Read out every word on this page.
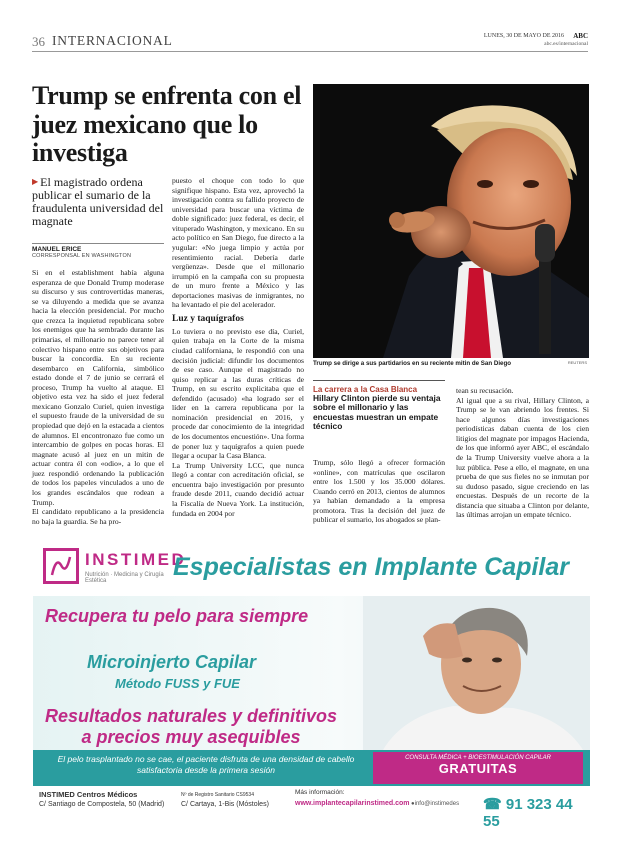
36 INTERNACIONAL	LUNES, 30 DE MAYO DE 2016 ABC
abc.es/internacional
Trump se enfrenta con el juez mexicano que lo investiga
▶ El magistrado ordena publicar el sumario de la fraudulenta universidad del magnate
MANUEL ERICE
CORRESPONSAL EN WASHINGTON

Si en el establishment había alguna esperanza de que Donald Trump moderase su discurso y sus controvertidas maneras, se va diluyendo a medida que se avanza hacia la elección presidencial. Por mucho que crezca la inquietud republicana sobre los enemigos que ha sembrado durante las primarias, el millonario no parece tener al colectivo hispano entre sus objetivos para buscar la concordia. En su reciente desembarco en California, simbólico estado donde el 7 de junio se cerrará el proceso, Trump ha vuelto al ataque. El objetivo esta vez ha sido el juez federal mexicano Gonzalo Curiel, quien investiga el supuesto fraude de la universidad de su propiedad que dejó en la estacada a cientos de alumnos. El encontronazo fue como un intercambio de golpes en pocas horas. El magnate acusó al juez en un mitin de actuar contra él con «odio», a lo que el juez respondió ordenando la publicación de todos los papeles vinculados a uno de los grandes escándalos que rodean a Trump.

El candidato republicano a la presidencia no baja la guardia. Se ha pro-

puesto el choque con todo lo que signifique hispano. Esta vez, aprovechó la investigación contra su fallido proyecto de universidad para buscar una víctima de doble significado: juez federal, es decir, el vituperado Washington, y mexicano. En su acto político en San Diego, fue directo a la yugular: «No juega limpio y actúa por resentimiento racial. Debería darle vergüenza». Desde que el millonario irrumpió en la campaña con su propuesta de un muro frente a México y las deportaciones masivas de inmigrantes, no ha levantado el pie del acelerador.

Luz y taquígrafos

Lo tuviera o no previsto ese día, Curiel, quien trabaja en la Corte de la misma ciudad californiana, le respondió con una decisión judicial: difundir los documentos de ese caso. Aunque el magistrado no quiso replicar a las duras críticas de Trump, en su escrito explicitaba que el defendido (acusado) «ha logrado ser el líder en la carrera republicana por la nominación presidencial en 2016, y procede dar conocimiento de la integridad de los documentos encuestión». Una forma de poner luz y taquígrafos a quien puede llegar a ocupar la Casa Blanca.

La Trump University LCC, que nunca llegó a contar con acreditación oficial, se encuentra bajo investigación por presunto fraude desde 2011, cuando decidió actuar la Fiscalía de Nueva York. La institución, fundada en 2004 por

Trump se dirige a sus partidarios en su reciente mitin de San Diego	REUTERS
La carrera a la Casa Blanca
Hillary Clinton pierde su ventaja sobre el millonario y las encuestas muestran un empate técnico

Trump, sólo llegó a ofrecer formación «online», con matrículas que oscilaron entre los 1.500 y los 35.000 dólares. Cuando cerró en 2013, cientos de alumnos ya habían demandado a la empresa promotora. Tras la decisión del juez de publicar el sumario, los abogados se plan-

tean su recusación.

Al igual que a su rival, Hillary Clinton, a Trump se le van abriendo los frentes. Si hace algunos días investigaciones periodísticas daban cuenta de los cien litigios del magnate por impagos Hacienda, de los que informó ayer ABC, el escándalo de la Trump University vuelve ahora a la luz pública. Pese a ello, el magnate, en una prueba de que sus fieles no se inmutan por su dudoso pasado, sigue creciendo en las encuestas. Después de un recorte de la distancia que situaba a Clinton por delante, las últimas arrojan un empate técnico.

INSTIMED
Nutrición · Medicina y Cirugía Estética	Especialistas en Implante Capilar
Recupera tu pelo para siempre
Microinjerto Capilar
Método FUSS y FUE
Resultados naturales y definitivos a precios muy asequibles
El pelo trasplantado no se cae, el paciente disfruta de una densidad de cabello satisfactoria desde la primera sesión
CONSULTA MÉDICA + BIOESTIMULACIÓN CAPILAR
GRATUITAS
INSTIMED Centros Médicos
C/ Santiago de Compostela, 50 (Madrid)
Nº de Registro Sanitario CS9534
C/ Cartaya, 1-Bis (Móstoles)
Más información:
www.implantecapilarinstimed.com ●info@instimedes ☎ 91 323 44 55
